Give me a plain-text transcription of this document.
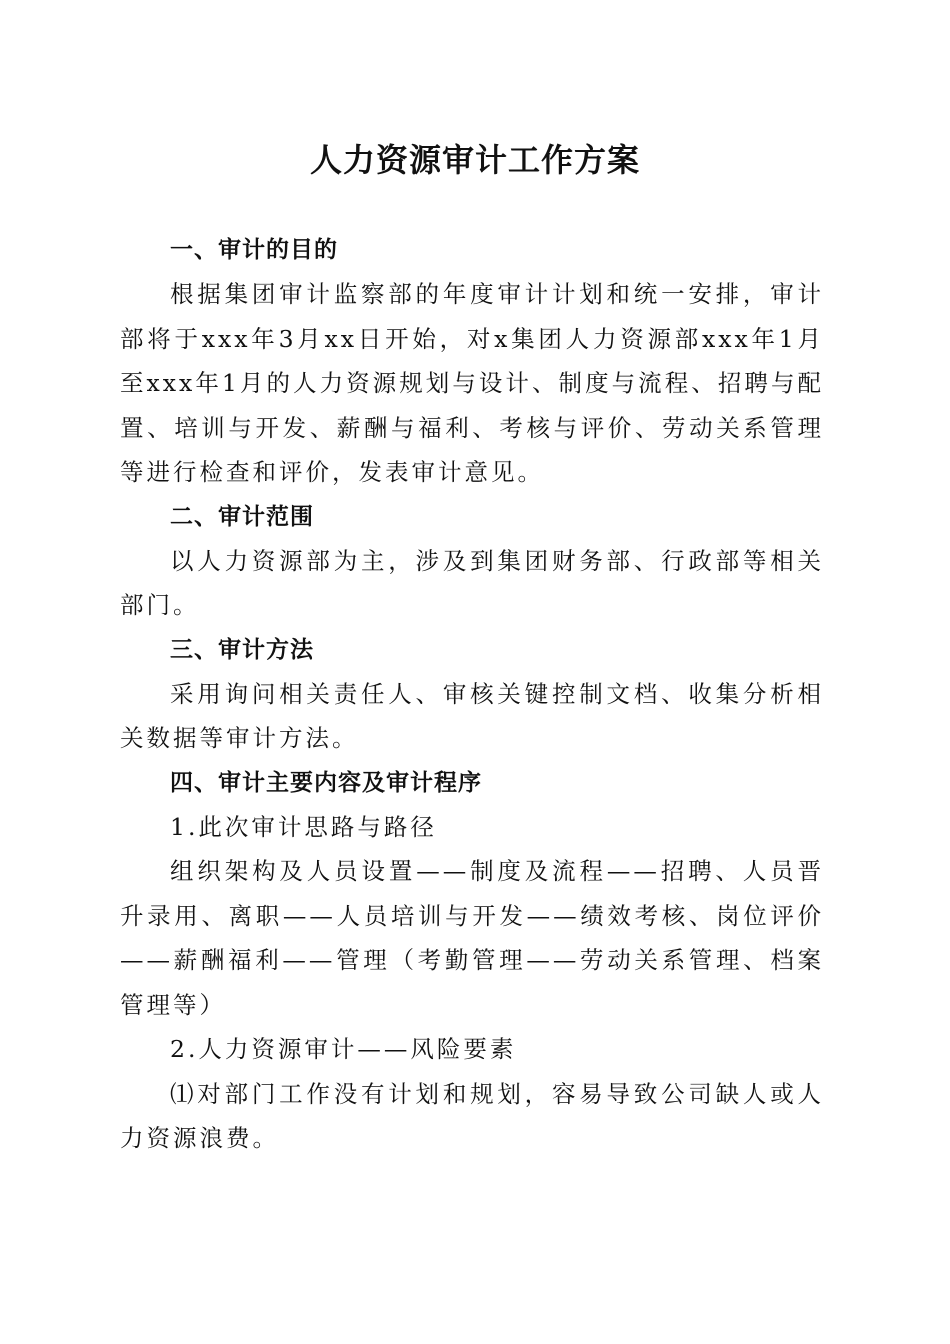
人力资源审计工作方案
一、审计的目的

根据集团审计监察部的年度审计计划和统一安排，审计部将于xxx年3月xx日开始，对x集团人力资源部xxx年1月至xxx年1月的人力资源规划与设计、制度与流程、招聘与配置、培训与开发、薪酬与福利、考核与评价、劳动关系管理等进行检查和评价，发表审计意见。

二、审计范围

以人力资源部为主，涉及到集团财务部、行政部等相关部门。

三、审计方法

采用询问相关责任人、审核关键控制文档、收集分析相关数据等审计方法。

四、审计主要内容及审计程序

1.此次审计思路与路径

组织架构及人员设置——制度及流程——招聘、人员晋升录用、离职——人员培训与开发——绩效考核、岗位评价——薪酬福利——管理（考勤管理——劳动关系管理、档案管理等）

2.人力资源审计——风险要素

⑴对部门工作没有计划和规划，容易导致公司缺人或人力资源浪费。
